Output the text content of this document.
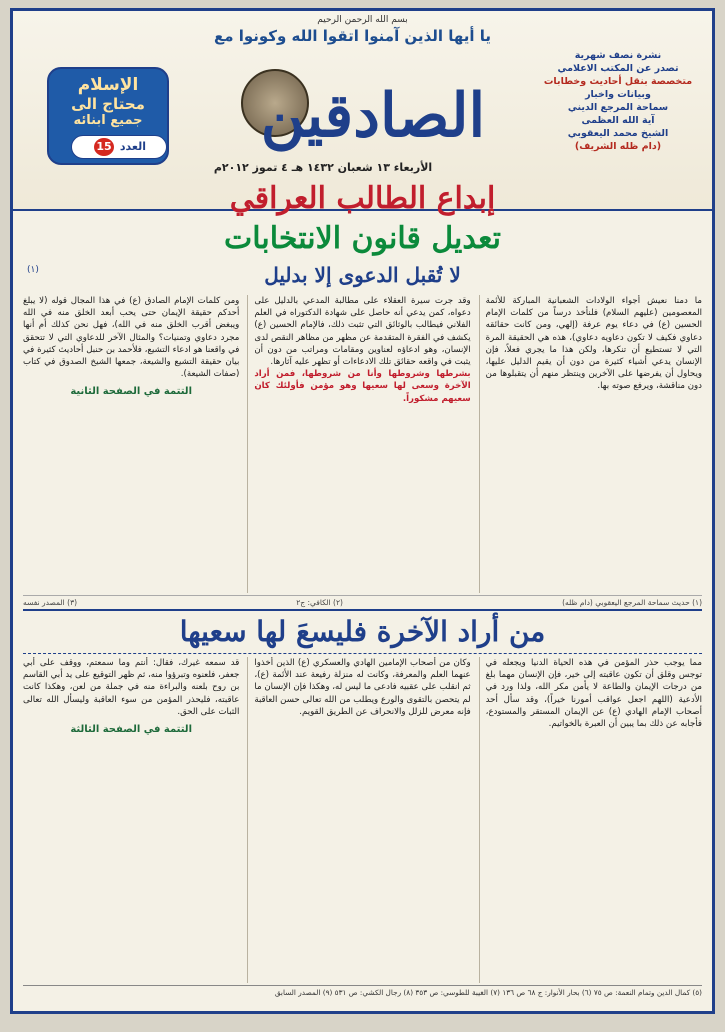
بسم الله الرحمن الرحيم
يا أيها الذين آمنوا اتقوا الله وكونوا مع
نشرة نصف شهرية
تصدر عن المكتب الاعلامي
متخصصة بنقل أحاديث وخطابات
وبيانات واخبار
سماحة المرجع الديني
آية الله العظمى
الشيخ محمد اليعقوبي
(دام ظله الشريف)
الصادقين
الإسلام
محتاج الى
جميع ابنائه
العدد 15
الأربعاء ١٣ شعبان ١٤٣٢ هـ ٤ تموز ٢٠١٢م
إبداع الطالب العراقي
تعديل قانون الانتخابات
(١)	لا تُقبل الدعوى إلا بدليل
ما دمنا نعيش أجواء الولادات الشعبانية المباركة للأئمة المعصومين (عليهم السلام) فلنأخذ درساً من كلمات الإمام الحسين (ع) في دعاء يوم عرفة (إلهي، ومن كانت حقائقه دعاوي فكيف لا تكون دعاويه دعاوي)، هذه هي الحقيقة المرة التي لا تستطيع أن تنكرها، ولكن هذا ما يجري فعلاً، فإن الإنسان يدعي أشياء كثيرة من دون أن يقيم الدليل عليها، ويحاول أن يفرضها على الآخرين وينتظر منهم أن يتقبلوها من دون مناقشة، ويرفع صوته بها.
وقد جرت سيرة العقلاء على مطالبة المدعي بالدليل على دعواه، كمن يدعي أنه حاصل على شهادة الدكتوراه في العلم الفلاني فيطالب بالوثائق التي تثبت ذلك، فالإمام الحسين (ع) يكشف في الفقرة المتقدمة عن مظهر من مظاهر النقص لدى الإنسان، وهو ادعاؤه لعناوين ومقامات ومراتب من دون أن يثبت في واقعه حقائق تلك الادعاءات أو تظهر عليه آثارها.
بشرطها وشروطها وأنا من شروطها، فمن أراد الآخرة وسعى لها سعيها وهو مؤمن فأولئك كان سعيهم مشكوراً.
ومن كلمات الإمام الصادق (ع) في هذا المجال قوله (لا يبلغ أحدكم حقيقة الإيمان حتى يحب أبعد الخلق منه في الله ويبغض أقرب الخلق منه في الله)، فهل نحن كذلك أم أنها مجرد دعاوي وتمنيات؟ والمثال الآخر للدعاوي التي لا تتحقق في واقعنا هو ادعاء التشيع، فلأحمد بن حنبل أحاديث كثيرة في بيان حقيقة التشيع والشيعة، جمعها الشيخ الصدوق في كتاب (صفات الشيعة).
التتمة في الصفحة الثانية
(١) حديث سماحة المرجع اليعقوبي (دام ظله)
(٢) الكافي: ج٢
(٣) المصدر نفسه
من أراد الآخرة فليسعَ لها سعيها
مما يوجب حذر المؤمن في هذه الحياة الدنيا ويجعله في توجس وقلق أن تكون عاقبته إلى خير، فإن الإنسان مهما بلغ من درجات الإيمان والطاعة لا يأمن مكر الله، ولذا ورد في الأدعية (اللهم اجعل عواقب أمورنا خيراً)، وقد سأل أحد أصحاب الإمام الهادي (ع) عن الإيمان المستقر والمستودع، فأجابه عن ذلك بما يبين أن العبرة بالخواتيم.
وكان من أصحاب الإمامين الهادي والعسكري (ع) الذين أخذوا عنهما العلم والمعرفة، وكانت له منزلة رفيعة عند الأئمة (ع)، ثم انقلب على عقبيه فادعى ما ليس له، وهكذا فإن الإنسان ما لم يتحصن بالتقوى والورع ويطلب من الله تعالى حسن العاقبة فإنه معرض للزلل والانحراف عن الطريق القويم.
قد سمعه غيرك، فقال: أنتم وما سمعتم، ووقف على أبي جعفر، فلعنوه وتبرؤوا منه، ثم ظهر التوقيع على يد أبي القاسم بن روح بلعنه والبراءة منه في جملة من لعن، وهكذا كانت عاقبته، فليحذر المؤمن من سوء العاقبة وليسأل الله تعالى الثبات على الحق.
التتمة في الصفحة الثالثة
(٥) كمال الدين وتمام النعمة: ص ٧٥ (٦) بحار الأنوار: ج ٦٨ ص ١٣٦ (٧) الغيبة للطوسي: ص ٣٥٣ (٨) رجال الكشي: ص ٥٣١ (٩) المصدر السابق
